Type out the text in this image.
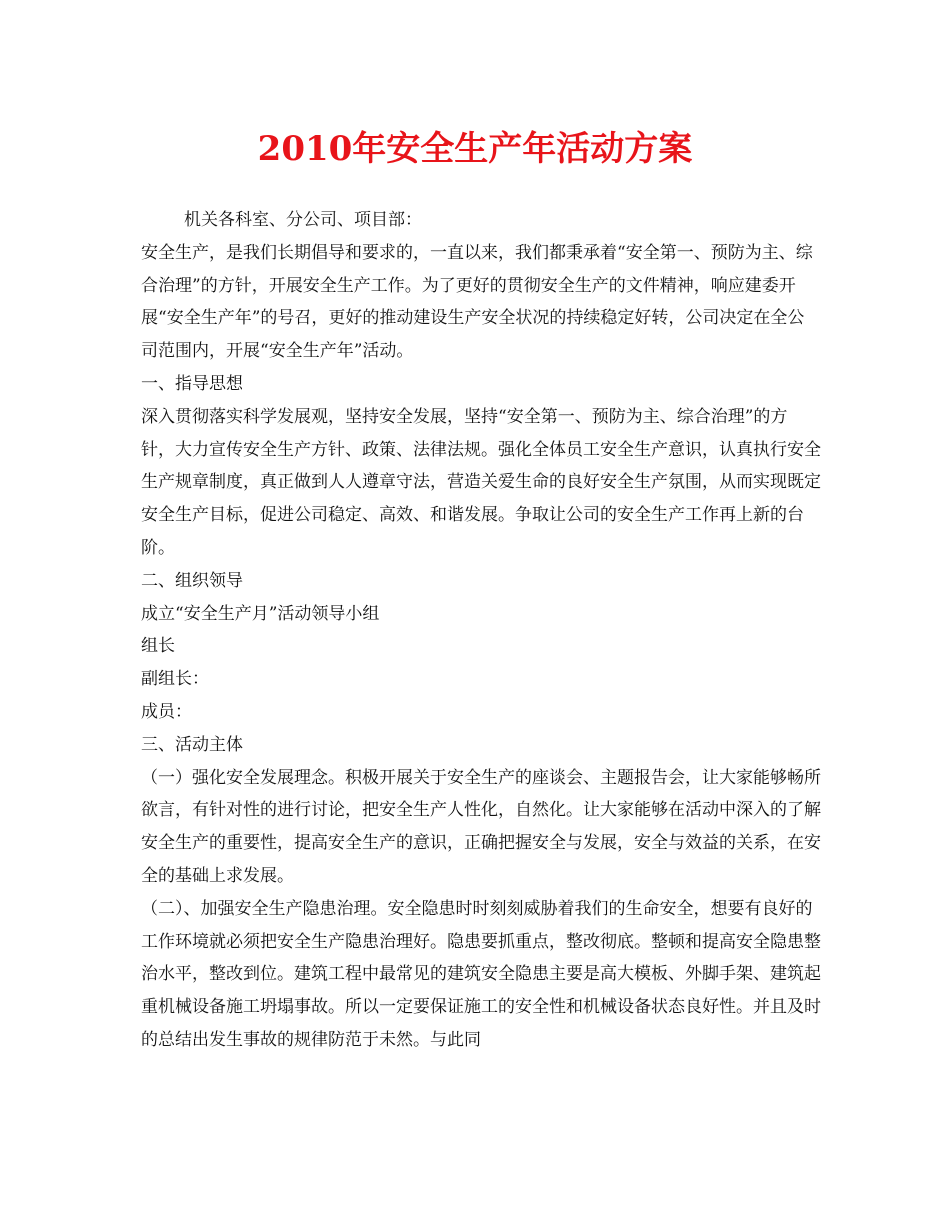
2010年安全生产年活动方案

机关各科室、分公司、项目部：

安全生产，是我们长期倡导和要求的，一直以来，我们都秉承着“安全第一、预防为主、综合治理”的方针，开展安全生产工作。为了更好的贯彻安全生产的文件精神，响应建委开展“安全生产年”的号召，更好的推动建设生产安全状况的持续稳定好转，公司决定在全公司范围内，开展“安全生产年”活动。

一、指导思想

深入贯彻落实科学发展观，坚持安全发展，坚持“安全第一、预防为主、综合治理”的方针，大力宣传安全生产方针、政策、法律法规。强化全体员工安全生产意识，认真执行安全生产规章制度，真正做到人人遵章守法，营造关爱生命的良好安全生产氛围，从而实现既定安全生产目标，促进公司稳定、高效、和谐发展。争取让公司的安全生产工作再上新的台阶。

二、组织领导

成立“安全生产月”活动领导小组

组长

副组长：

成员：

三、活动主体

（一）强化安全发展理念。积极开展关于安全生产的座谈会、主题报告会，让大家能够畅所欲言，有针对性的进行讨论，把安全生产人性化，自然化。让大家能够在活动中深入的了解安全生产的重要性，提高安全生产的意识，正确把握安全与发展，安全与效益的关系，在安全的基础上求发展。

（二）、加强安全生产隐患治理。安全隐患时时刻刻威胁着我们的生命安全，想要有良好的工作环境就必须把安全生产隐患治理好。隐患要抓重点，整改彻底。整顿和提高安全隐患整治水平，整改到位。建筑工程中最常见的建筑安全隐患主要是高大模板、外脚手架、建筑起重机械设备施工坍塌事故。所以一定要保证施工的安全性和机械设备状态良好性。并且及时的总结出发生事故的规律防范于未然。与此同
